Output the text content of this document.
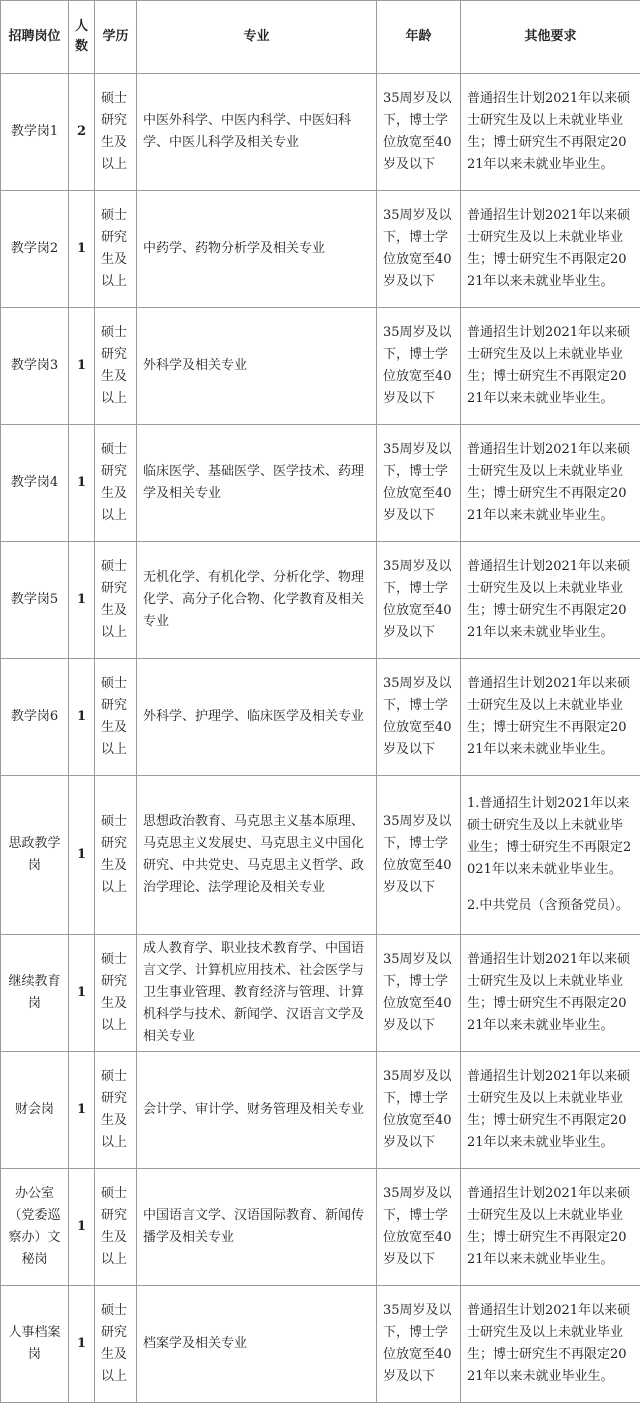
招聘岗位	人数	学历	专业	年龄	其他要求
教学岗1	2	硕士研究生及以上	中医外科学、中医内科学、中医妇科学、中医儿科学及相关专业	35周岁及以下，博士学位放宽至40岁及以下	普通招生计划2021年以来硕士研究生及以上未就业毕业生；博士研究生不再限定2021年以来未就业毕业生。

教学岗2	1	硕士研究生及以上	中药学、药物分析学及相关专业	35周岁及以下，博士学位放宽至40岁及以下	普通招生计划2021年以来硕士研究生及以上未就业毕业生；博士研究生不再限定2021年以来未就业毕业生。

教学岗3	1	硕士研究生及以上	外科学及相关专业	35周岁及以下，博士学位放宽至40岁及以下	普通招生计划2021年以来硕士研究生及以上未就业毕业生；博士研究生不再限定2021年以来未就业毕业生。

教学岗4	1	硕士研究生及以上	临床医学、基础医学、医学技术、药理学及相关专业	35周岁及以下，博士学位放宽至40岁及以下	普通招生计划2021年以来硕士研究生及以上未就业毕业生；博士研究生不再限定2021年以来未就业毕业生。

教学岗5	1	硕士研究生及以上	无机化学、有机化学、分析化学、物理化学、高分子化合物、化学教育及相关专业	35周岁及以下，博士学位放宽至40岁及以下	普通招生计划2021年以来硕士研究生及以上未就业毕业生；博士研究生不再限定2021年以来未就业毕业生。

教学岗6	1	硕士研究生及以上	外科学、护理学、临床医学及相关专业	35周岁及以下，博士学位放宽至40岁及以下	普通招生计划2021年以来硕士研究生及以上未就业毕业生；博士研究生不再限定2021年以来未就业毕业生。

思政教学岗	1	硕士研究生及以上	思想政治教育、马克思主义基本原理、马克思主义发展史、马克思主义中国化研究、中共党史、马克思主义哲学、政治学理论、法学理论及相关专业	35周岁及以下，博士学位放宽至40岁及以下	1.普通招生计划2021年以来硕士研究生及以上未就业毕业生；博士研究生不再限定2021年以来未就业毕业生。
2.中共党员（含预备党员）。

继续教育岗	1	硕士研究生及以上	成人教育学、职业技术教育学、中国语言文学、计算机应用技术、社会医学与卫生事业管理、教育经济与管理、计算机科学与技术、新闻学、汉语言文学及相关专业	35周岁及以下，博士学位放宽至40岁及以下	普通招生计划2021年以来硕士研究生及以上未就业毕业生；博士研究生不再限定2021年以来未就业毕业生。

财会岗	1	硕士研究生及以上	会计学、审计学、财务管理及相关专业	35周岁及以下，博士学位放宽至40岁及以下	普通招生计划2021年以来硕士研究生及以上未就业毕业生；博士研究生不再限定2021年以来未就业毕业生。

办公室（党委巡察办）文秘岗	1	硕士研究生及以上	中国语言文学、汉语国际教育、新闻传播学及相关专业	35周岁及以下，博士学位放宽至40岁及以下	普通招生计划2021年以来硕士研究生及以上未就业毕业生；博士研究生不再限定2021年以来未就业毕业生。

人事档案岗	1	硕士研究生及以上	档案学及相关专业	35周岁及以下，博士学位放宽至40岁及以下	普通招生计划2021年以来硕士研究生及以上未就业毕业生；博士研究生不再限定2021年以来未就业毕业生。
